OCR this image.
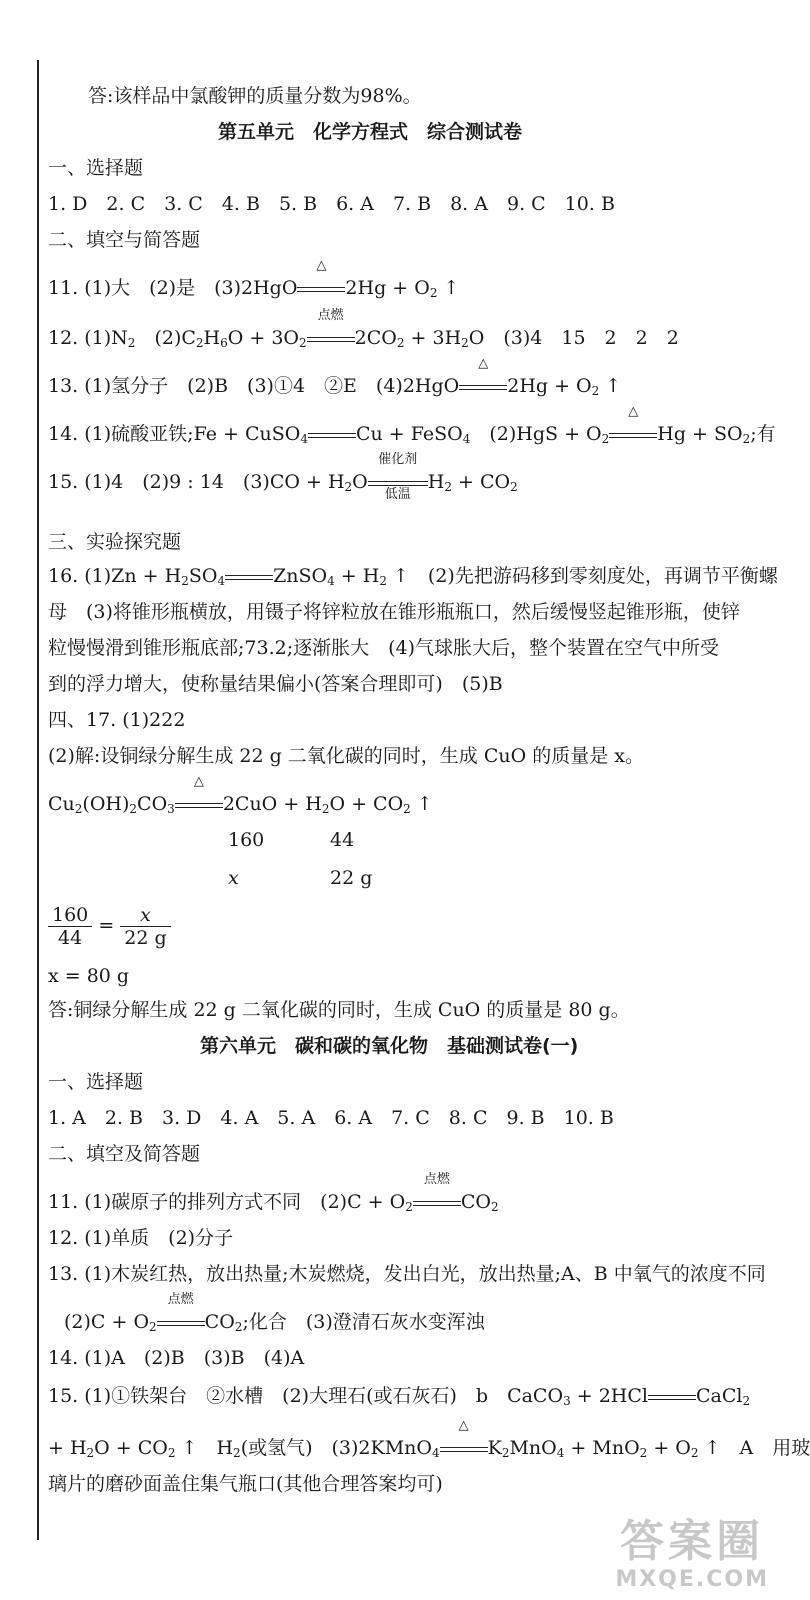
答:该样品中氯酸钾的质量分数为98%。
第五单元　化学方程式　综合测试卷
一、选择题
1. D　2. C　3. C　4. B　5. B　6. A　7. B　8. A　9. C　10. B
二、填空与简答题
11. (1)大　(2)是　(3)2HgO
△
$2Hg + O_2$ ↑
12. $(1)N_2$　$(2)C_2H_6O + 3O_2$
点燃
$2CO_2 + 3H_2O$　(3)4　15　2　2　2
13. (1)氢分子　(2)B　(3)①4　②E　(4)2HgO
△
$2Hg + O_2$ ↑
14. (1)硫酸亚铁;Fe + CuSO$_4$	Cu + FeSO$_4$　$(2)HgS + O_2$
△
$Hg + SO_2$;有
15. (1)4　(2)9 : 14　$(3)CO + H_2O$
催化剂
低温
$H_2 + CO_2$
三、实验探究题
16. $(1)Zn + H_2SO_4$	ZnSO$_4$ + $H_2$ ↑　(2)先把游码移到零刻度处，再调节平衡螺
母　(3)将锥形瓶横放，用镊子将锌粒放在锥形瓶瓶口，然后缓慢竖起锥形瓶，使锌
粒慢慢滑到锥形瓶底部;73.2;逐渐胀大　(4)气球胀大后，整个装置在空气中所受
到的浮力增大，使称量结果偏小(答案合理即可)　(5)B
四、17. (1)222
(2)解:设铜绿分解生成 22 g 二氧化碳的同时，生成 CuO 的质量是 x。
$Cu_2(OH)_2CO_3$
△
$2CuO + H_2O + CO_2$ ↑
160	44
x	22 g
$\frac{160}{44} = \frac{x}{22 g}$
x = 80 g
答:铜绿分解生成 22 g 二氧化碳的同时，生成 CuO 的质量是 80 g。
第六单元　碳和碳的氧化物　基础测试卷(一)
一、选择题
1. A　2. B　3. D　4. A　5. A　6. A　7. C　8. C　9. B　10. B
二、填空及简答题
11. (1)碳原子的排列方式不同　$(2)C + O_2$
点燃
$CO_2$
12. (1)单质　(2)分子
13. (1)木炭红热，放出热量;木炭燃烧，发出白光，放出热量;A、B 中氧气的浓度不同
$(2)C + O_2$
点燃
$CO_2$;化合　(3)澄清石灰水变浑浊
14. (1)A　(2)B　(3)B　(4)A
15. (1)①铁架台　②水槽　(2)大理石(或石灰石)　b　CaCO$_3$ + 2HCl	CaCl$_2$
+ $H_2O + CO_2$ ↑　$H_2$(或氢气)　(3)2KMnO$_4$
△
$K_2MnO_4 + MnO_2 + O_2$ ↑　A　用玻
璃片的磨砂面盖住集气瓶口(其他合理答案均可)
答案圈
MXQE.COM
